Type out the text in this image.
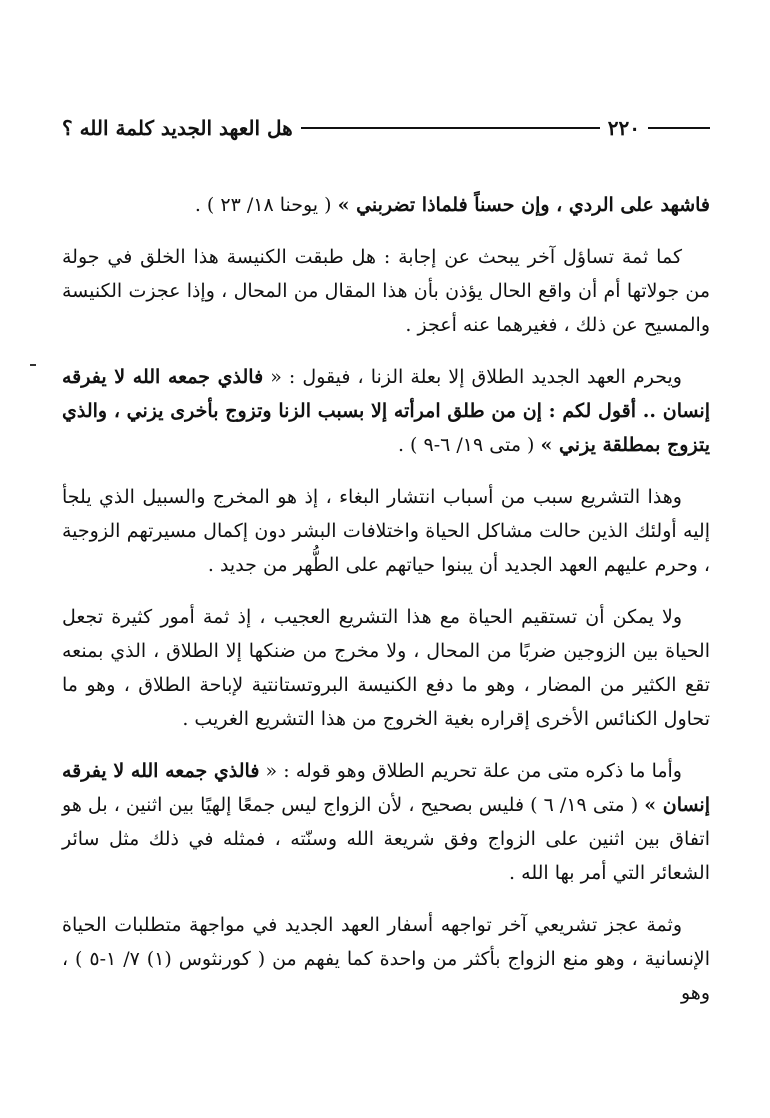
٢٢٠
هل العهد الجديد كلمة الله ؟

فاشهد على الردي ، وإن حسناً فلماذا تضربني » ( يوحنا ١٨/ ٢٣ ) .

كما ثمة تساؤل آخر يبحث عن إجابة : هل طبقت الكنيسة هذا الخلق في جولة من جولاتها أم أن واقع الحال يؤذن بأن هذا المقال من المحال ، وإذا عجزت الكنيسة والمسيح عن ذلك ، فغيرهما عنه أعجز .

ويحرم العهد الجديد الطلاق إلا بعلة الزنا ، فيقول : « فالذي جمعه الله لا يفرقه إنسان .. أقول لكم : إن من طلق امرأته إلا بسبب الزنا وتزوج بأخرى يزني ، والذي يتزوج بمطلقة يزني » ( متى ١٩/ ٦-٩ ) .

وهذا التشريع سبب من أسباب انتشار البغاء ، إذ هو المخرج والسبيل الذي يلجأ إليه أولئك الذين حالت مشاكل الحياة واختلافات البشر دون إكمال مسيرتهم الزوجية ، وحرم عليهم العهد الجديد أن يبنوا حياتهم على الطُّهر من جديد .

ولا يمكن أن تستقيم الحياة مع هذا التشريع العجيب ، إذ ثمة أمور كثيرة تجعل الحياة بين الزوجين ضربًا من المحال ، ولا مخرج من ضنكها إلا الطلاق ، الذي بمنعه تقع الكثير من المضار ، وهو ما دفع الكنيسة البروتستانتية لإباحة الطلاق ، وهو ما تحاول الكنائس الأخرى إقراره بغية الخروج من هذا التشريع الغريب .

وأما ما ذكره متى من علة تحريم الطلاق وهو قوله : « فالذي جمعه الله لا يفرقه إنسان » ( متى ١٩/ ٦ ) فليس بصحيح ، لأن الزواج ليس جمعًا إلهيًا بين اثنين ، بل هو اتفاق بين اثنين على الزواج وفق شريعة الله وسنّته ، فمثله في ذلك مثل سائر الشعائر التي أمر بها الله .

وثمة عجز تشريعي آخر تواجهه أسفار العهد الجديد في مواجهة متطلبات الحياة الإنسانية ، وهو منع الزواج بأكثر من واحدة كما يفهم من ( كورنثوس (١) ٧/ ١-٥ ) ، وهو
